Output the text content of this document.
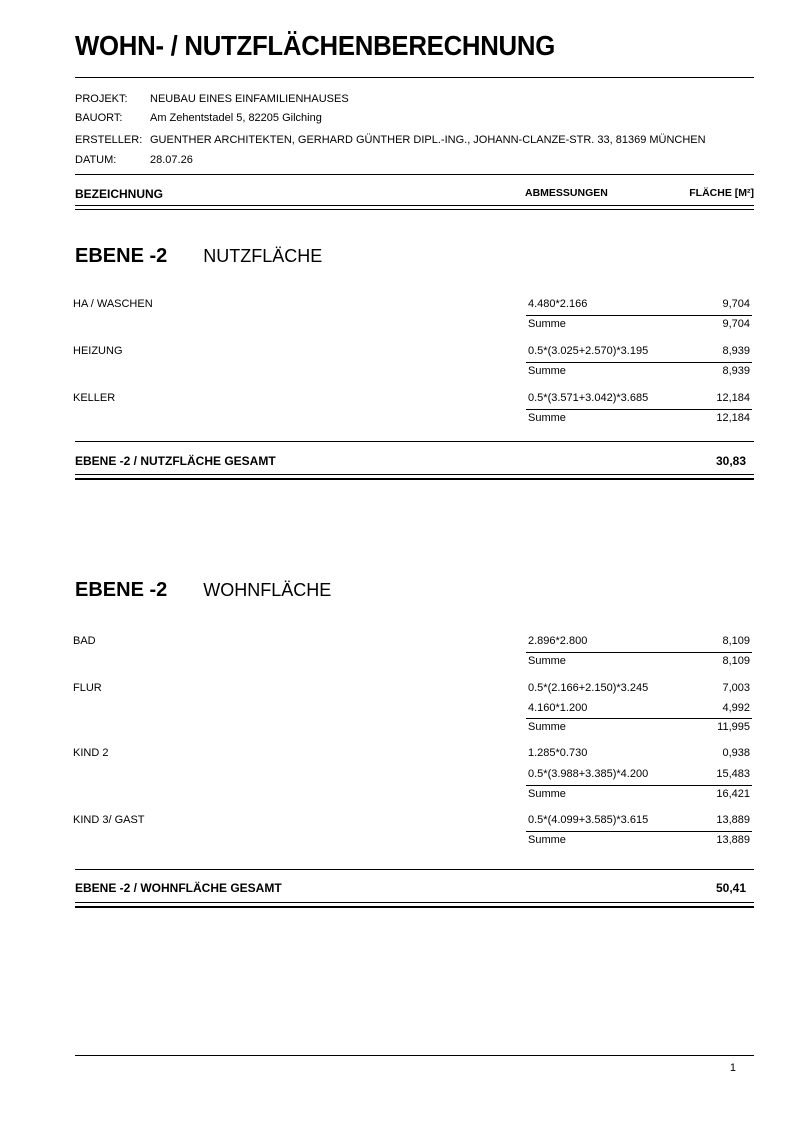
WOHN- / NUTZFLÄCHENBERECHNUNG
PROJEKT: NEUBAU EINES EINFAMILIENHAUSES
BAUORT:	Am Zehentstadel 5, 82205 Gilching
ERSTELLER: GUENTHER ARCHITEKTEN, GERHARD GÜNTHER DIPL.-ING., JOHANN-CLANZE-STR. 33, 81369 MÜNCHEN
DATUM:	28.07.26
BEZEICHNUNG	ABMESSUNGEN	FLÄCHE [M²]
EBENE -2 NUTZFLÄCHE
HA / WASCHEN	4.480*2.166	9,704
Summe	9,704
HEIZUNG	0.5*(3.025+2.570)*3.195	8,939
Summe	8,939
KELLER	0.5*(3.571+3.042)*3.685	12,184
Summe	12,184
EBENE -2 / NUTZFLÄCHE GESAMT	30,83
EBENE -2 WOHNFLÄCHE
BAD	2.896*2.800	8,109
Summe	8,109
FLUR	0.5*(2.166+2.150)*3.245	7,003
4.160*1.200	4,992
Summe	11,995
KIND 2	1.285*0.730	0,938
0.5*(3.988+3.385)*4.200	15,483
Summe	16,421
KIND 3/ GAST	0.5*(4.099+3.585)*3.615	13,889
Summe	13,889
EBENE -2 / WOHNFLÄCHE GESAMT	50,41
1
